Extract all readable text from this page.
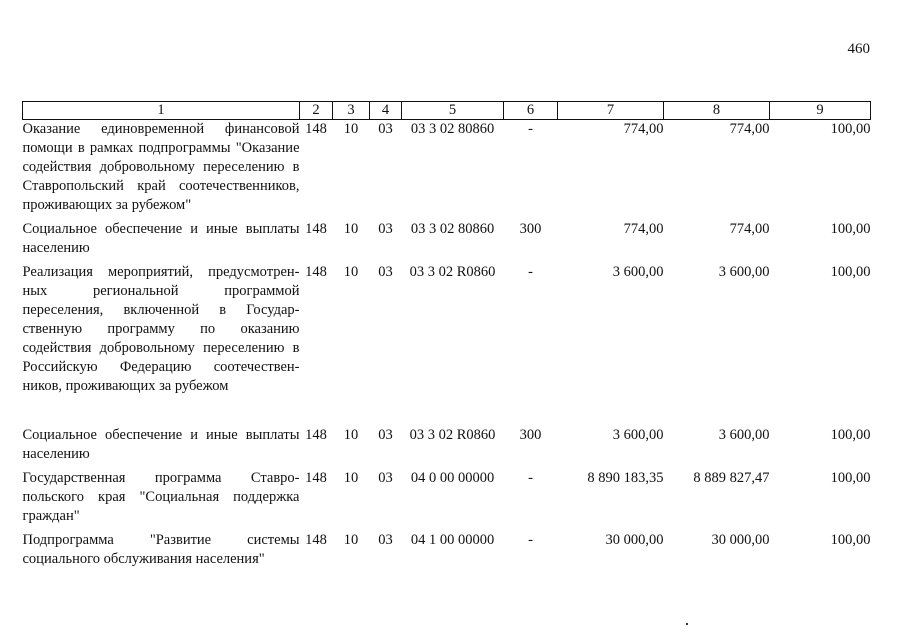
460
1	2	3	4	5	6	7	8	9
Оказание единовременной финансовой помощи в рамках подпрограммы "Оказание содействия добровольному переселению в Ставропольский край соотечественников, проживающих за рубежом"	148	10	03	03 3 02 80860	-	774,00	774,00	100,00
Социальное обеспечение и иные выплаты населению	148	10	03	03 3 02 80860	300	774,00	774,00	100,00
Реализация мероприятий, предусмотрен-ных региональной программой переселения, включенной в Государ-ственную программу по оказанию содействия добровольному переселению в Российскую Федерацию соотечествен-ников, проживающих за рубежом	148	10	03	03 3 02 R0860	-	3 600,00	3 600,00	100,00
Социальное обеспечение и иные выплаты населению	148	10	03	03 3 02 R0860	300	3 600,00	3 600,00	100,00
Государственная программа Ставро-польского края "Социальная поддержка граждан"	148	10	03	04 0 00 00000	-	8 890 183,35	8 889 827,47	100,00
Подпрограмма "Развитие системы социального обслуживания населения"	148	10	03	04 1 00 00000	-	30 000,00	30 000,00	100,00
